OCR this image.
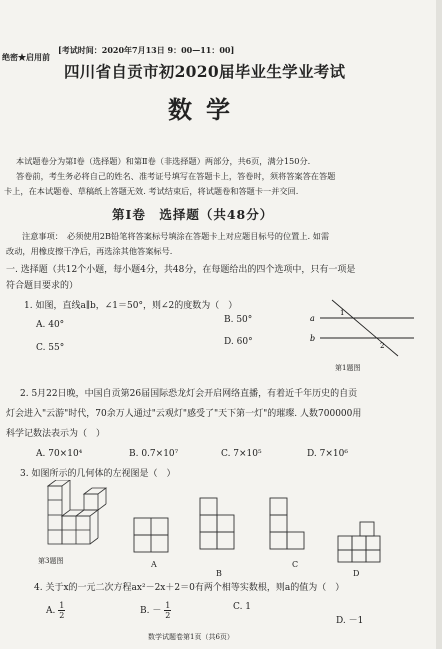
绝密★启用前
[考试时间：2020年7月13日 9：00—11：00]
四川省自贡市初2020届毕业生学业考试
数学
本试题卷分为第Ⅰ卷（选择题）和第Ⅱ卷（非选择题）两部分，共6页，满分150分.
答卷前，考生务必将自己的姓名、准考证号填写在答题卡上，答卷时，须将答案答在答题
卡上，在本试题卷、草稿纸上答题无效. 考试结束后，将试题卷和答题卡一并交回.
第Ⅰ卷　选择题（共48分）
注意事项：　必须使用2B铅笔将答案标号填涂在答题卡上对应题目标号的位置上. 如需
改动，用橡皮擦干净后，再选涂其他答案标号.
一. 选择题（共12个小题，每小题4分，共48分，在每题给出的四个选项中，只有一项是
符合题目要求的）
1. 如图，直线a∥b，∠1＝50°，则∠2的度数为（　）
A. 40°	B. 50°
C. 55°
D. 60°
a
b
1
2
第1题图
2. 5月22日晚，中国自贡第26届国际恐龙灯会开启网络直播，有着近千年历史的自贡
灯会进入"云游"时代，70余万人通过"云观灯"感受了"天下第一灯"的璀璨. 人数700000用
科学记数法表示为（　）
A. 70×10⁴	B. 0.7×10⁷	C. 7×10⁵	D. 7×10⁶
3. 如图所示的几何体的左视图是（　）
第3题图	A
B
C
D
4. 关于x的一元二次方程ax²－2x＋2＝0有两个相等实数根，则a的值为（　）
A. $\frac{1}{2}$	B. － $\frac{1}{2}$	C. 1
D. －1
数学试题卷第1页（共6页）
